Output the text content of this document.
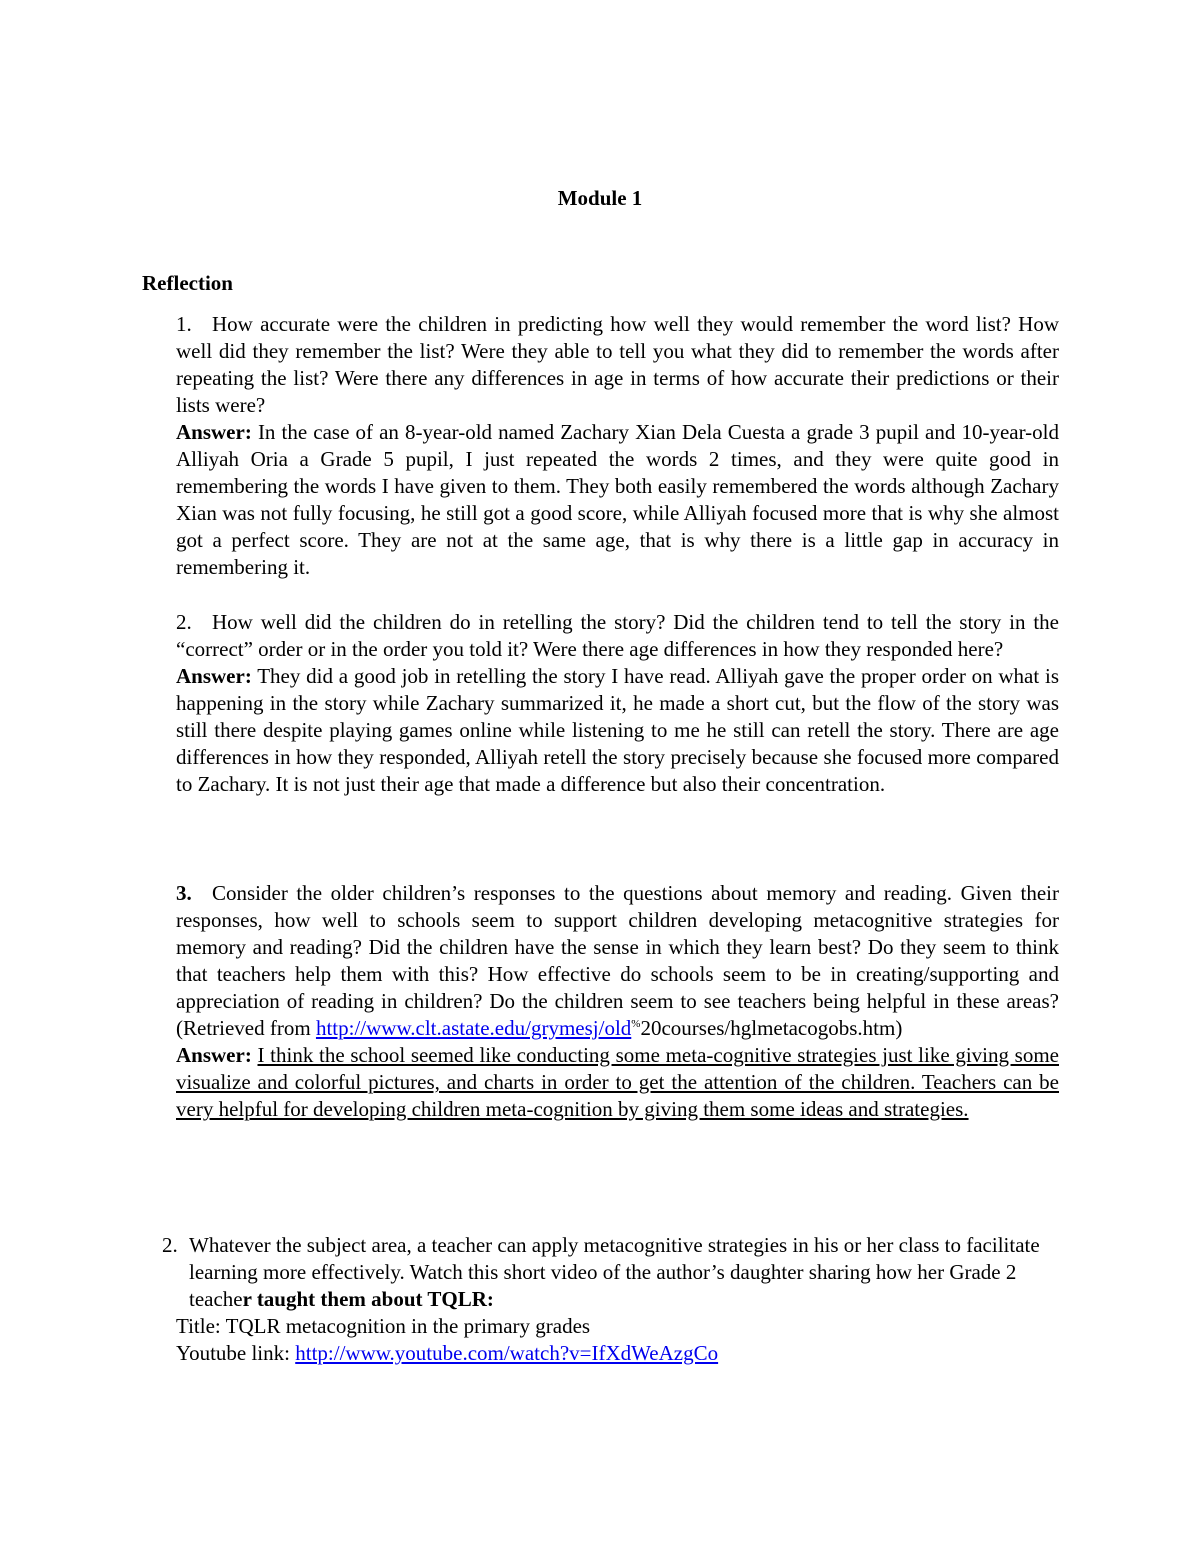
Module 1
Reflection
1. How accurate were the children in predicting how well they would remember the word list? How well did they remember the list? Were they able to tell you what they did to remember the words after repeating the list? Were there any differences in age in terms of how accurate their predictions or their lists were?
Answer: In the case of an 8-year-old named Zachary Xian Dela Cuesta a grade 3 pupil and 10-year-old Alliyah Oria a Grade 5 pupil, I just repeated the words 2 times, and they were quite good in remembering the words I have given to them. They both easily remembered the words although Zachary Xian was not fully focusing, he still got a good score, while Alliyah focused more that is why she almost got a perfect score. They are not at the same age, that is why there is a little gap in accuracy in remembering it.
2. How well did the children do in retelling the story? Did the children tend to tell the story in the “correct” order or in the order you told it? Were there age differences in how they responded here?
Answer: They did a good job in retelling the story I have read. Alliyah gave the proper order on what is happening in the story while Zachary summarized it, he made a short cut, but the flow of the story was still there despite playing games online while listening to me he still can retell the story. There are age differences in how they responded, Alliyah retell the story precisely because she focused more compared to Zachary. It is not just their age that made a difference but also their concentration.
3. Consider the older children’s responses to the questions about memory and reading. Given their responses, how well to schools seem to support children developing metacognitive strategies for memory and reading? Did the children have the sense in which they learn best? Do they seem to think that teachers help them with this? How effective do schools seem to be in creating/supporting and appreciation of reading in children? Do the children seem to see teachers being helpful in these areas? (Retrieved from http://www.clt.astate.edu/grymesj/old%20courses/hglmetacogobs.htm)
Answer: I think the school seemed like conducting some meta-cognitive strategies just like giving some visualize and colorful pictures, and charts in order to get the attention of the children. Teachers can be very helpful for developing children meta-cognition by giving them some ideas and strategies.
2. Whatever the subject area, a teacher can apply metacognitive strategies in his or her class to facilitate learning more effectively. Watch this short video of the author’s daughter sharing how her Grade 2 teacher taught them about TQLR:
Title: TQLR metacognition in the primary grades
Youtube link: http://www.youtube.com/watch?v=IfXdWeAzgCo
